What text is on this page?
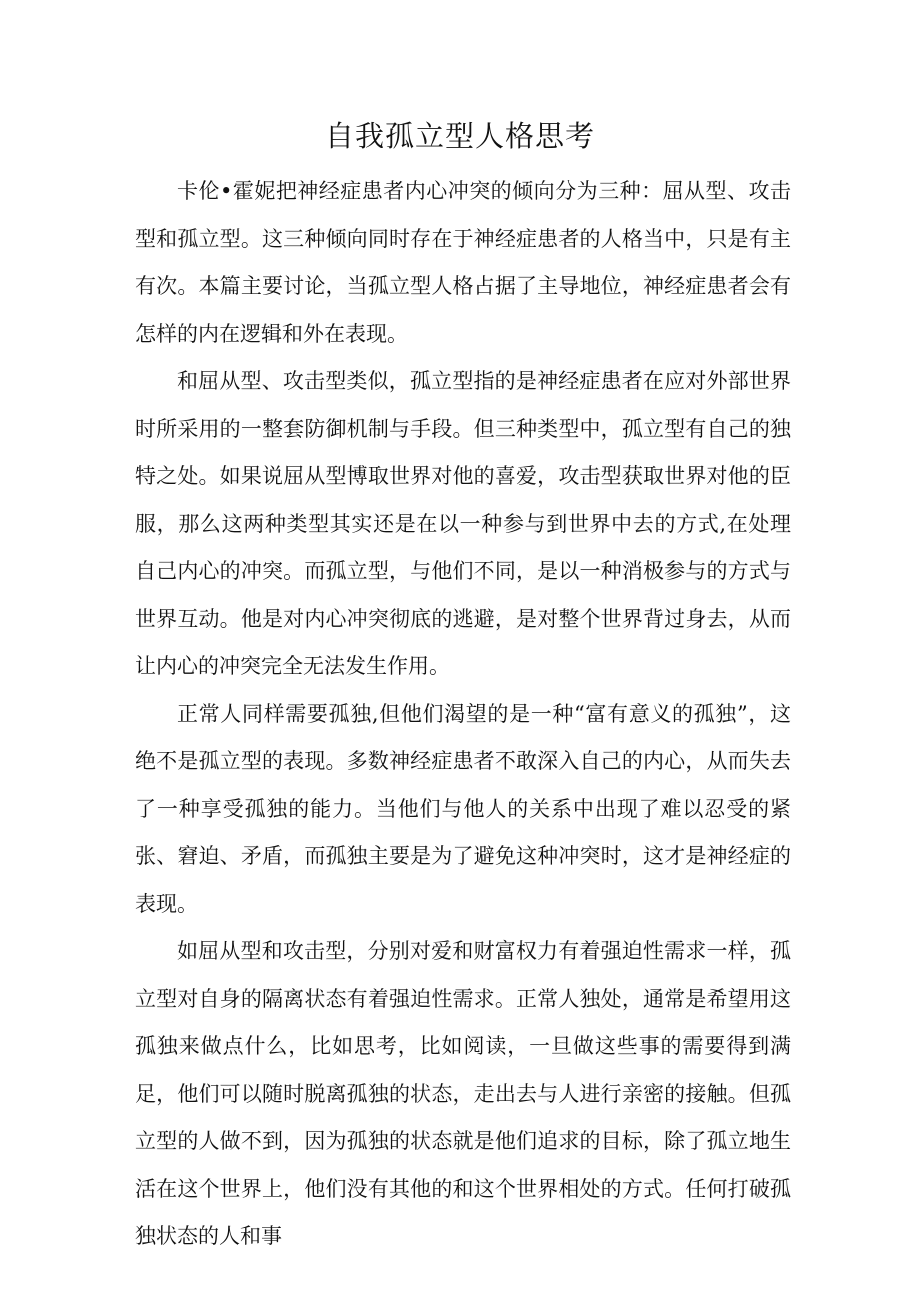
自我孤立型人格思考

卡伦•霍妮把神经症患者内心冲突的倾向分为三种：屈从型、攻击型和孤立型。这三种倾向同时存在于神经症患者的人格当中，只是有主有次。本篇主要讨论，当孤立型人格占据了主导地位，神经症患者会有怎样的内在逻辑和外在表现。

和屈从型、攻击型类似，孤立型指的是神经症患者在应对外部世界时所采用的一整套防御机制与手段。但三种类型中，孤立型有自己的独特之处。如果说屈从型博取世界对他的喜爱，攻击型获取世界对他的臣服，那么这两种类型其实还是在以一种参与到世界中去的方式,在处理自己内心的冲突。而孤立型，与他们不同，是以一种消极参与的方式与世界互动。他是对内心冲突彻底的逃避，是对整个世界背过身去，从而让内心的冲突完全无法发生作用。

正常人同样需要孤独,但他们渴望的是一种“富有意义的孤独”，这绝不是孤立型的表现。多数神经症患者不敢深入自己的内心，从而失去了一种享受孤独的能力。当他们与他人的关系中出现了难以忍受的紧张、窘迫、矛盾，而孤独主要是为了避免这种冲突时，这才是神经症的表现。

如屈从型和攻击型，分别对爱和财富权力有着强迫性需求一样，孤立型对自身的隔离状态有着强迫性需求。正常人独处，通常是希望用这孤独来做点什么，比如思考，比如阅读，一旦做这些事的需要得到满足，他们可以随时脱离孤独的状态，走出去与人进行亲密的接触。但孤立型的人做不到，因为孤独的状态就是他们追求的目标，除了孤立地生活在这个世界上，他们没有其他的和这个世界相处的方式。任何打破孤独状态的人和事
